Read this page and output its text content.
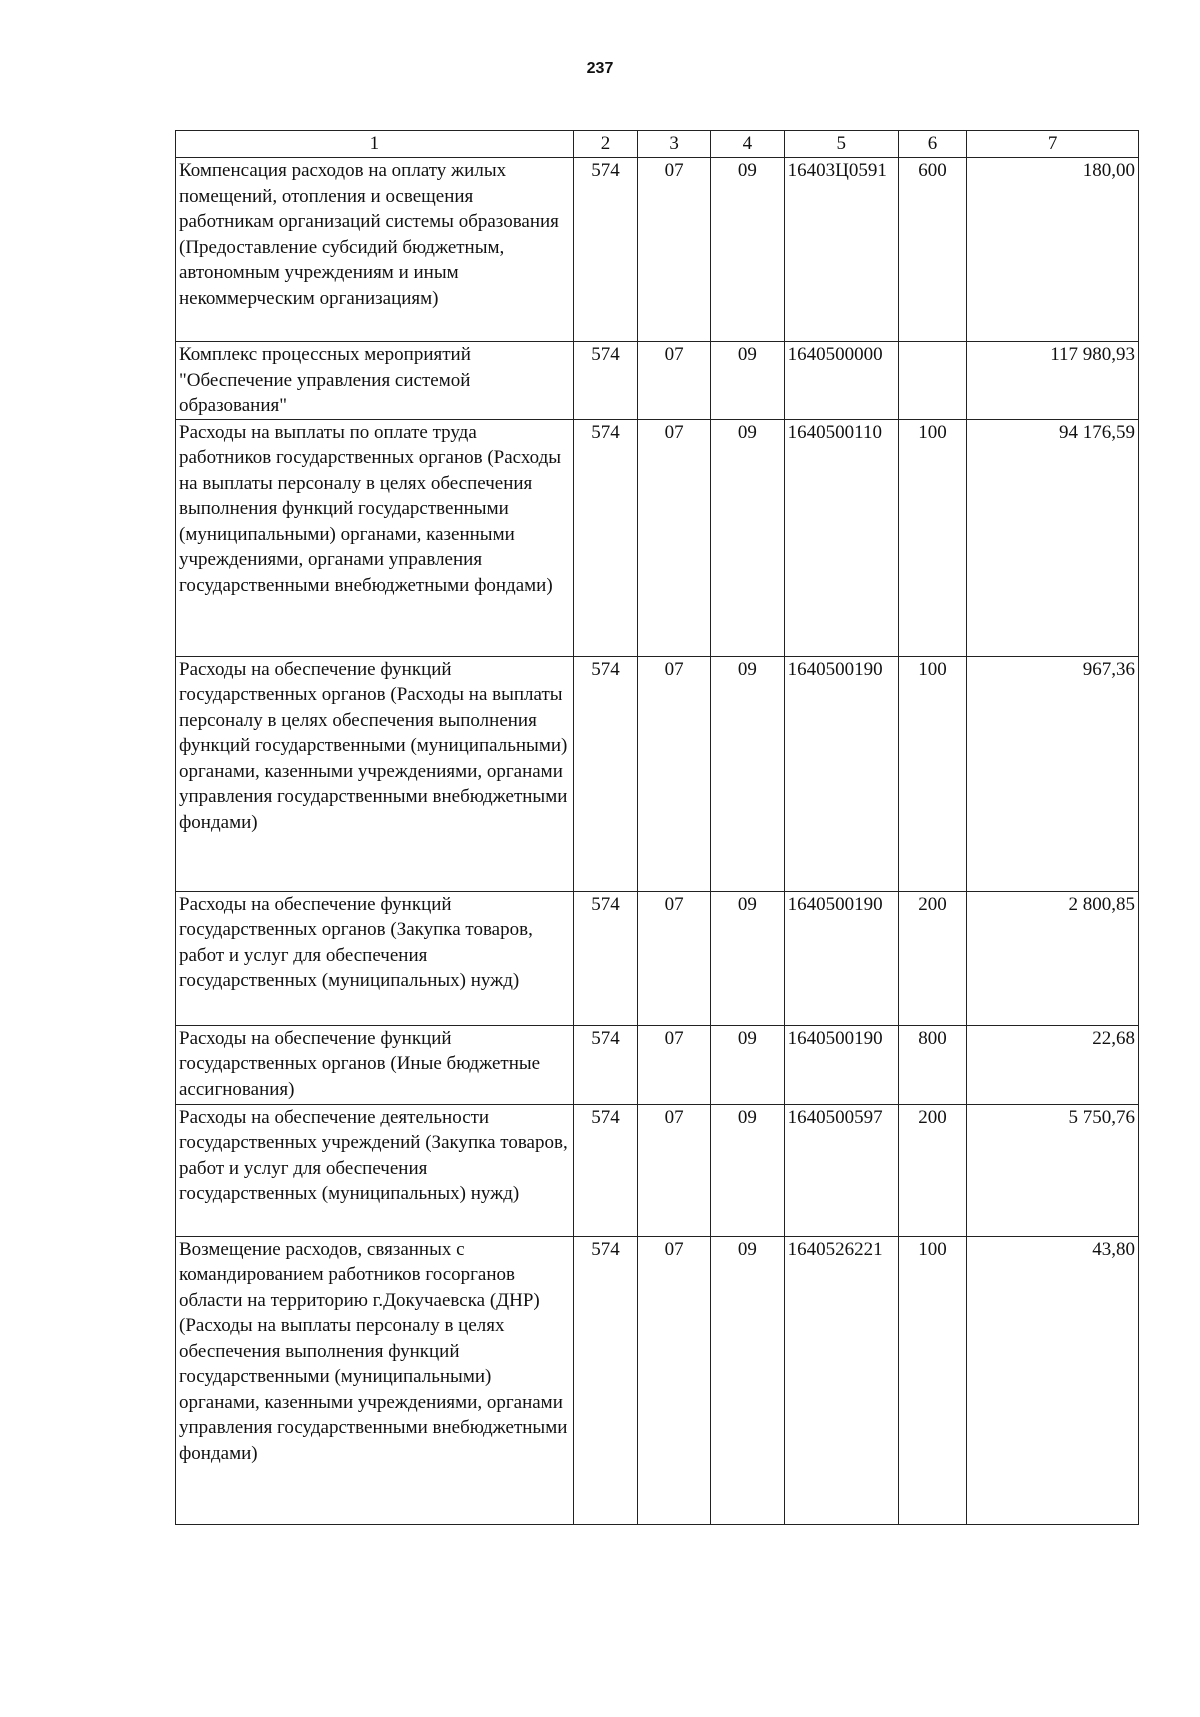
237
1	2	3	4	5	6	7
Компенсация расходов на оплату жилых помещений, отопления и освещения работникам организаций системы образования (Предоставление субсидий бюджетным, автономным учреждениям и иным некоммерческим организациям)	574	07	09	16403Ц0591	600	180,00
Комплекс процессных мероприятий "Обеспечение управления системой образования"	574	07	09	1640500000		117 980,93
Расходы на выплаты по оплате труда работников государственных органов (Расходы на выплаты персоналу в целях обеспечения выполнения функций государственными (муниципальными) органами, казенными учреждениями, органами управления государственными внебюджетными фондами)	574	07	09	1640500110	100	94 176,59
Расходы на обеспечение функций государственных органов (Расходы на выплаты персоналу в целях обеспечения выполнения функций государственными (муниципальными) органами, казенными учреждениями, органами управления государственными внебюджетными фондами)	574	07	09	1640500190	100	967,36
Расходы на обеспечение функций государственных органов (Закупка товаров, работ и услуг для обеспечения государственных (муниципальных) нужд)	574	07	09	1640500190	200	2 800,85
Расходы на обеспечение функций государственных органов (Иные бюджетные ассигнования)	574	07	09	1640500190	800	22,68
Расходы на обеспечение деятельности государственных учреждений (Закупка товаров, работ и услуг для обеспечения государственных (муниципальных) нужд)	574	07	09	1640500597	200	5 750,76
Возмещение расходов, связанных с командированием работников госорганов области на территорию г.Докучаевска (ДНР) (Расходы на выплаты персоналу в целях обеспечения выполнения функций государственными (муниципальными) органами, казенными учреждениями, органами управления государственными внебюджетными фондами)	574	07	09	1640526221	100	43,80
